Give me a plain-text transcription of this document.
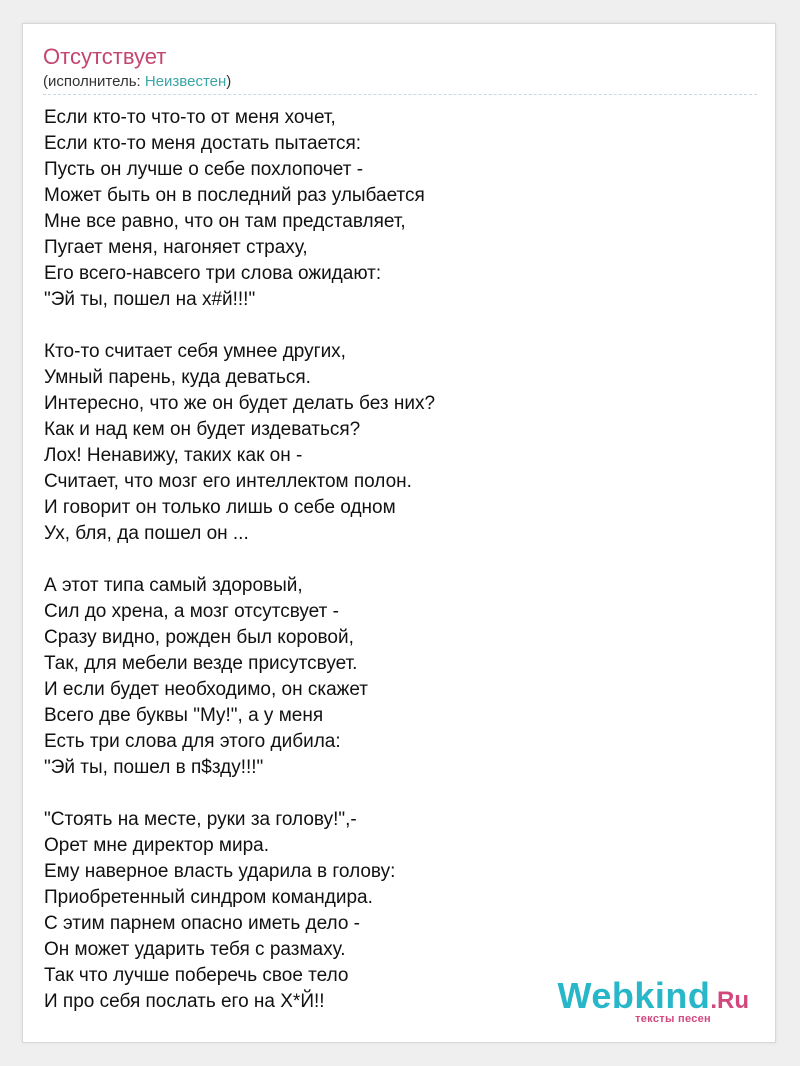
Отсутствует
(исполнитель: Неизвестен)
Если кто-то что-то от меня хочет,
Если кто-то меня достать пытается:
Пусть он лучше о себе похлопочет -
Может быть он в последний раз улыбается
Мне все равно, что он там представляет,
Пугает меня, нагоняет страху,
Его всего-навсего три слова ожидают:
"Эй ты, пошел на х#й!!!"
Кто-то считает себя умнее других,
Умный парень, куда деваться.
Интересно, что же он будет делать без них?
Как и над кем он будет издеваться?
Лох! Ненавижу, таких как он -
Считает, что мозг его интеллектом полон.
И говорит он только лишь о себе одном
Ух, бля, да пошел он ...
А этот типа самый здоровый,
Сил до хрена, а мозг отсутсвует -
Сразу видно, рожден был коровой,
Так, для мебели везде присутсвует.
И если будет необходимо, он скажет
Всего две буквы "Му!", а у меня
Есть три слова для этого дибила:
"Эй ты, пошел в п$зду!!!"
"Стоять на месте, руки за голову!",-
Орет мне директор мира.
Ему наверное власть ударила в голову:
Приобретенный синдром командира.
С этим парнем опасно иметь дело -
Он может ударить тебя с размаху.
Так что лучше поберечь свое тело
И про себя послать его на Х*Й!!	Webkind.Ru
тексты песен
